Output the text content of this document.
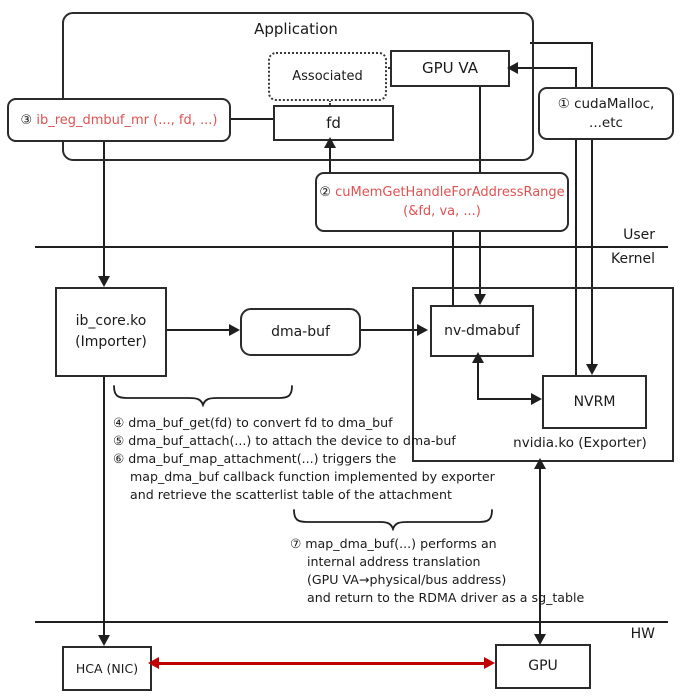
Application
Associated	GPU VA
fd
① cudaMalloc, ...etc
③
ib_reg_dmbuf_mr (..., fd, ...)
② cuMemGetHandleForAddressRange
(&fd, va, ...)
ib_core.ko
(Importer)
dma-buf
nvidia.ko (Exporter)
nv-dmabuf
NVRM
HCA (NIC)	GPU
User
Kernel
HW
④ dma_buf_get(fd) to convert fd to dma_buf
⑤ dma_buf_attach(...) to attach the device to dma-buf
⑥ dma_buf_map_attachment(...) triggers the
map_dma_buf callback function implemented by exporter
and retrieve the scatterlist table of the attachment
⑦ map_dma_buf(...) performs an
internal address translation
(GPU VA→physical/bus address)
and return to the RDMA driver as a sg_table
